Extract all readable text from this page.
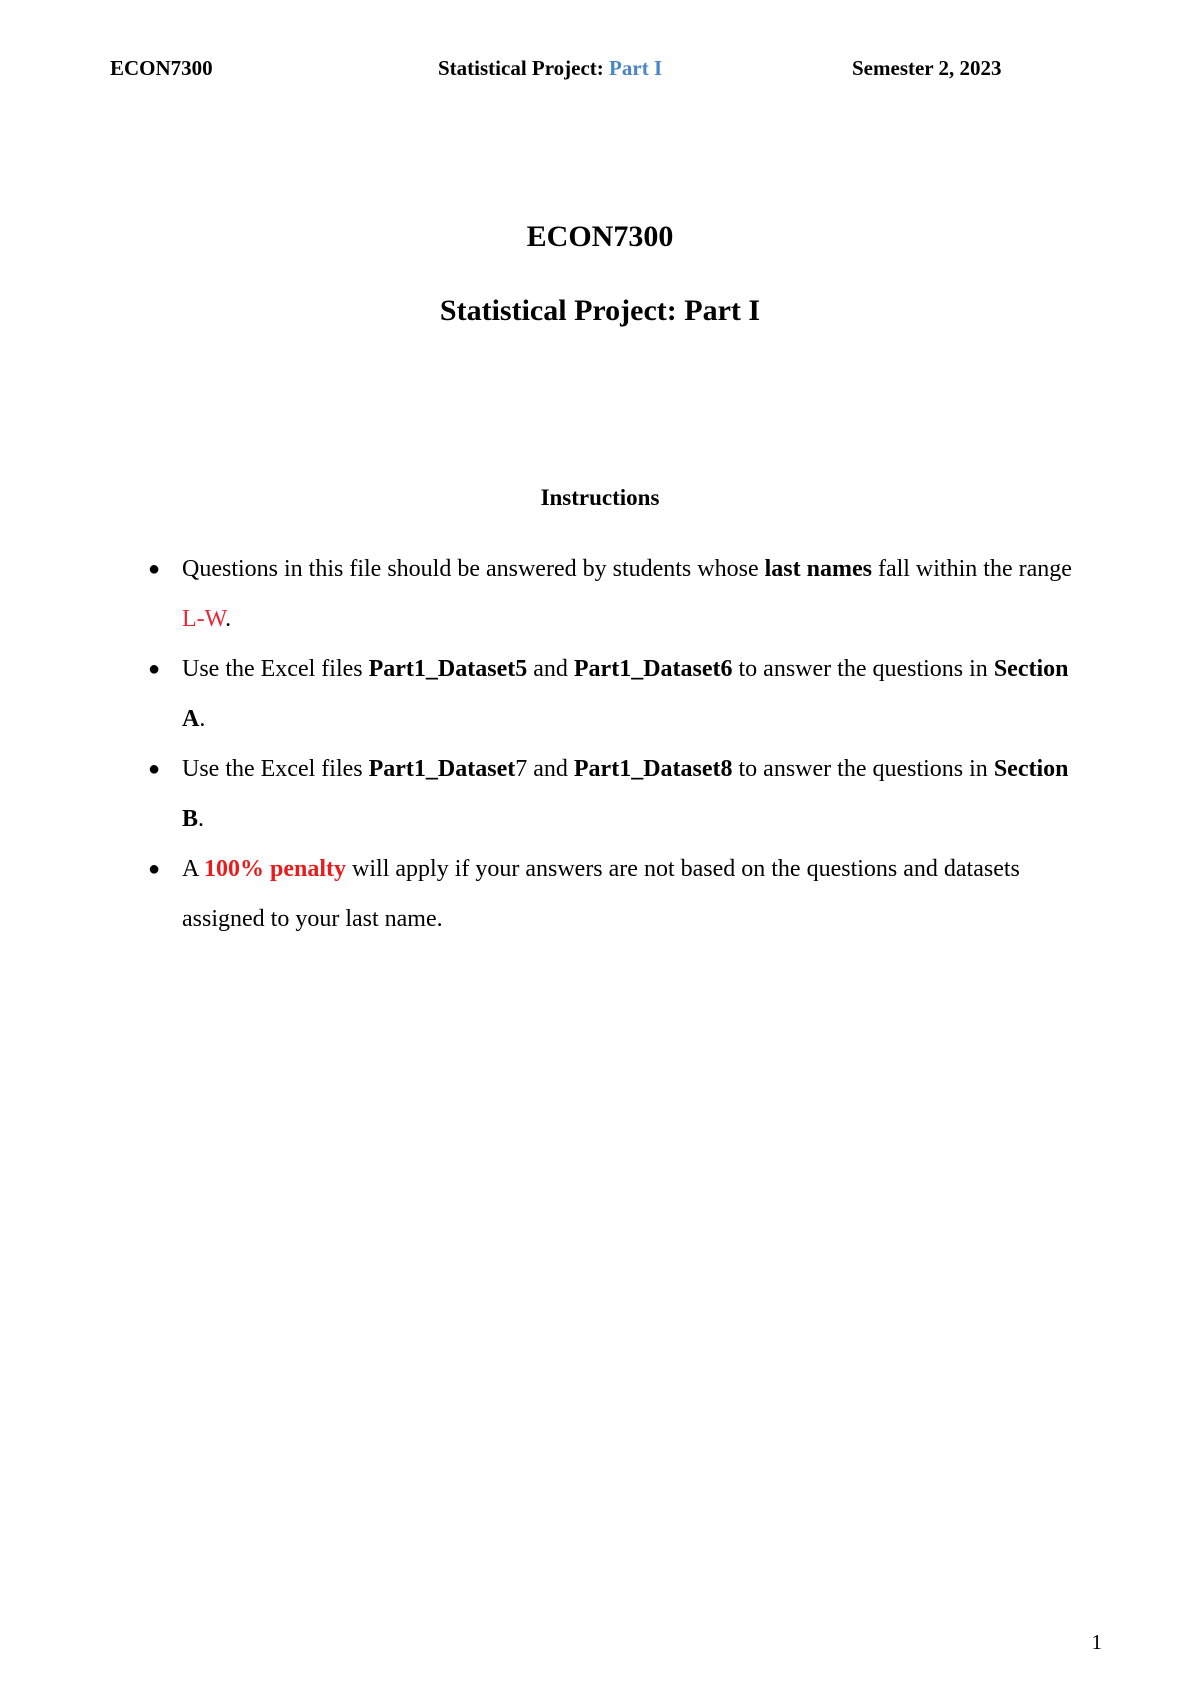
ECON7300	Statistical Project: Part I	Semester 2, 2023
ECON7300
Statistical Project: Part I
Instructions
● Questions in this file should be answered by students whose last names fall within the range L-W.
● Use the Excel files Part1_Dataset5 and Part1_Dataset6 to answer the questions in Section A.
● Use the Excel files Part1_Dataset7 and Part1_Dataset8 to answer the questions in Section B.
● A 100% penalty will apply if your answers are not based on the questions and datasets assigned to your last name.
1
